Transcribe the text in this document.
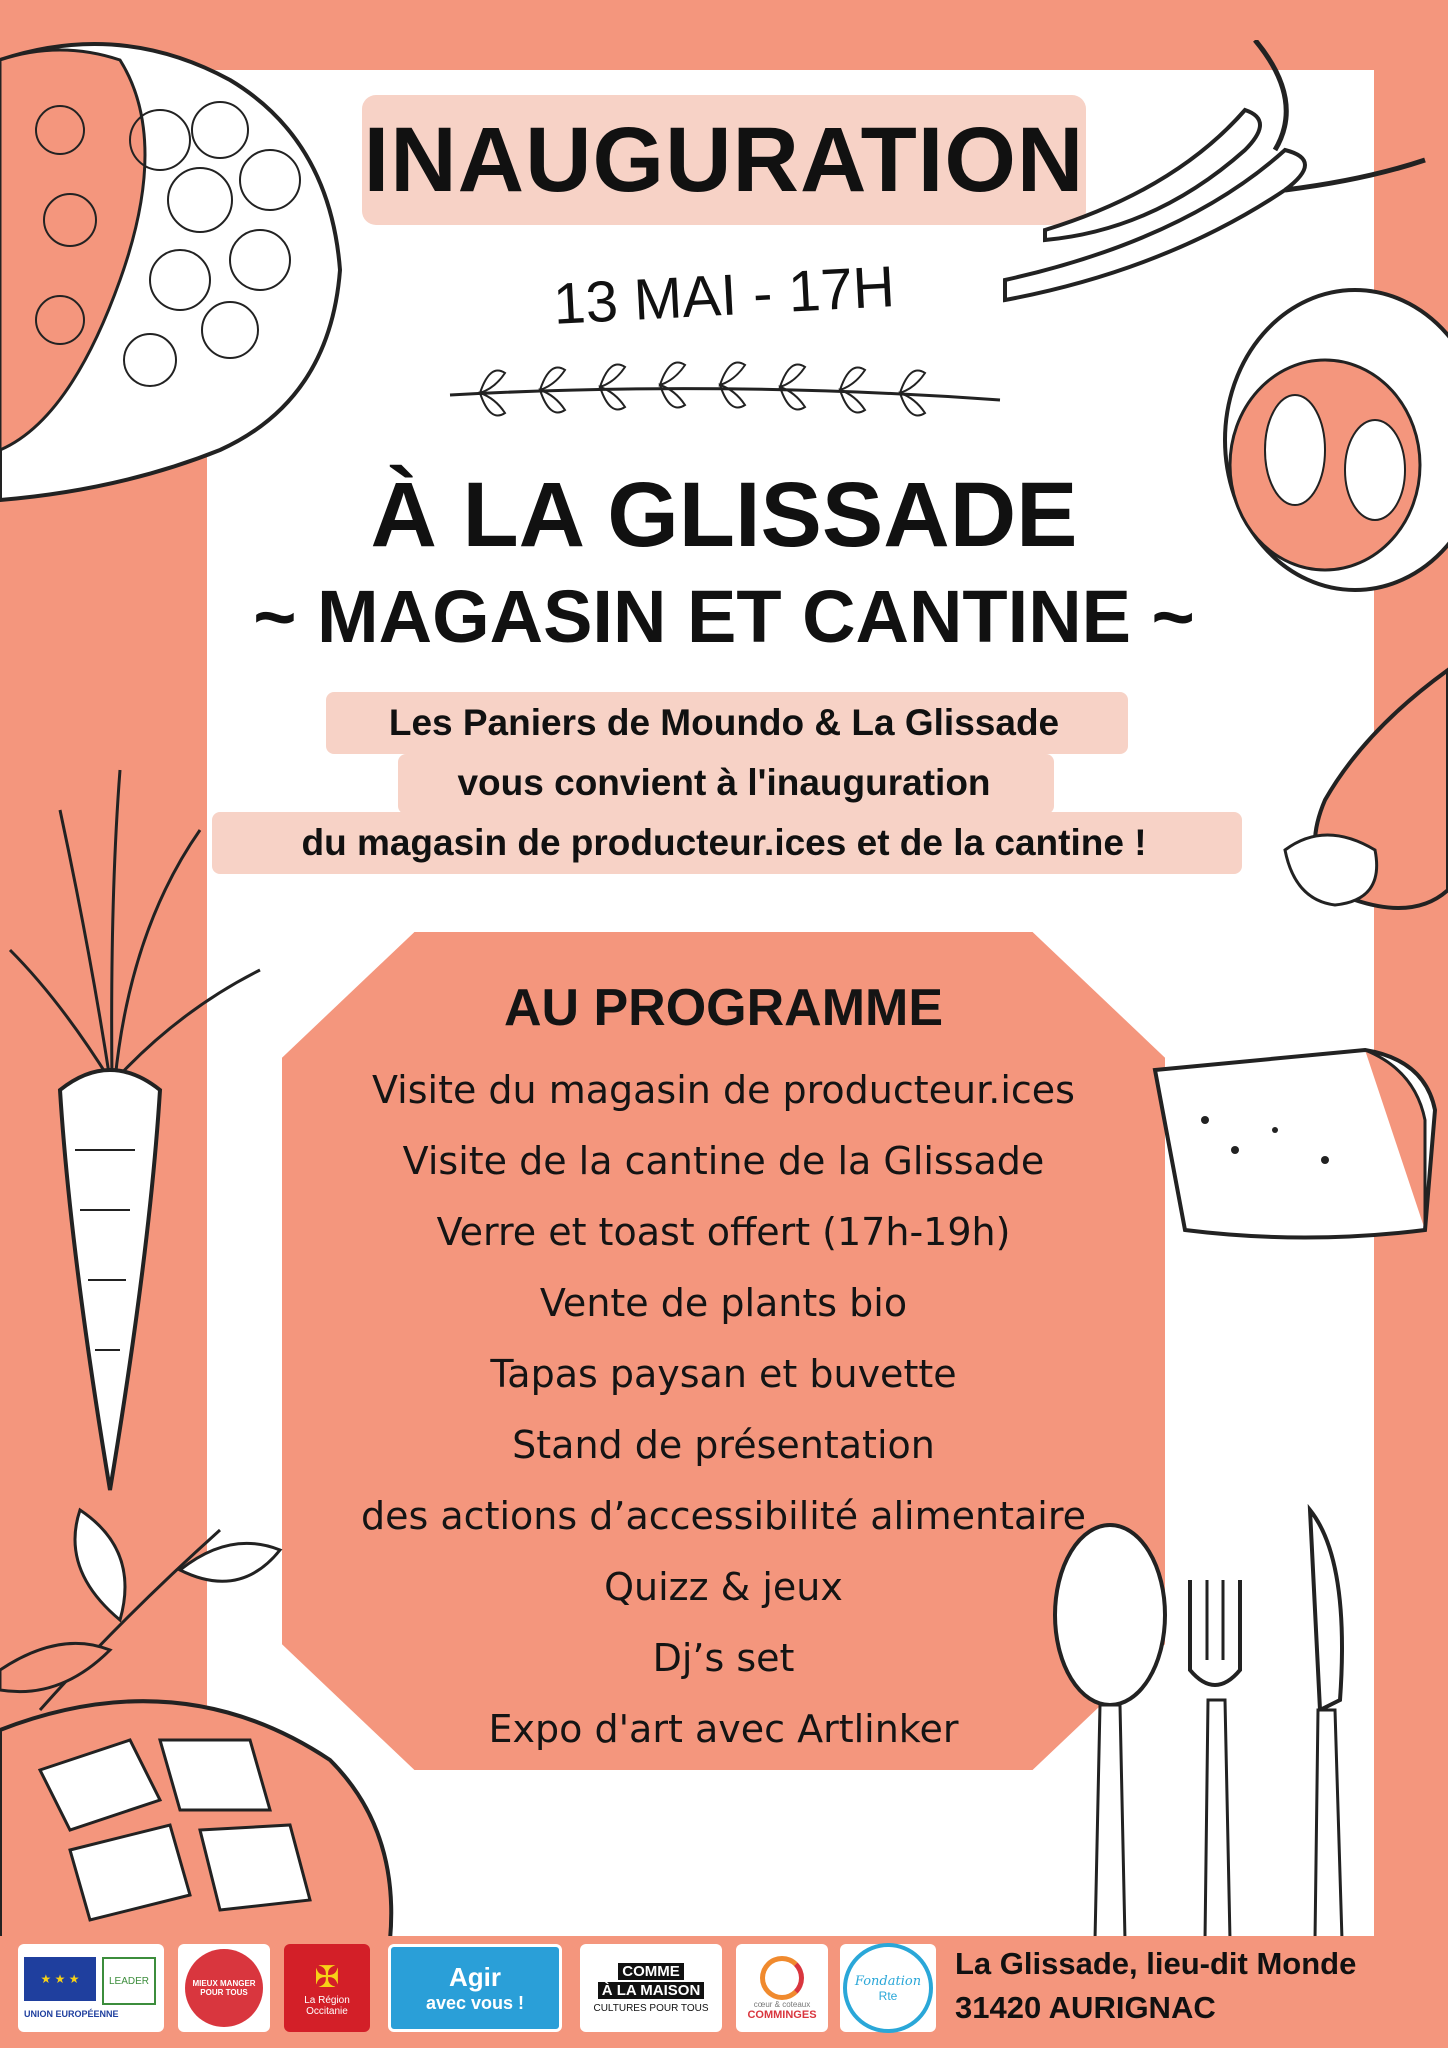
INAUGURATION
13 MAI - 17H
À LA GLISSADE
~ MAGASIN ET CANTINE ~
Les Paniers de Moundo & La Glissade
vous convient à l'inauguration
du magasin de producteur.ices et de la cantine !
AU PROGRAMME
Visite du magasin de producteur.ices
Visite de la cantine de la Glissade
Verre et toast offert (17h-19h)
Vente de plants bio
Tapas paysan et buvette
Stand de présentation
des actions d’accessibilité alimentaire
Quizz & jeux
Dj’s set
Expo d'art avec Artlinker
★ ★ ★	LEADER
UNION EUROPÉENNE
MIEUX MANGER POUR TOUS	✠
La Région Occitanie
Agir
avec vous !
COMME
À LA MAISON
CULTURES POUR TOUS	cœur & coteaux
COMMINGES
Fondation
Rte
La Glissade, lieu-dit Monde
31420 AURIGNAC
